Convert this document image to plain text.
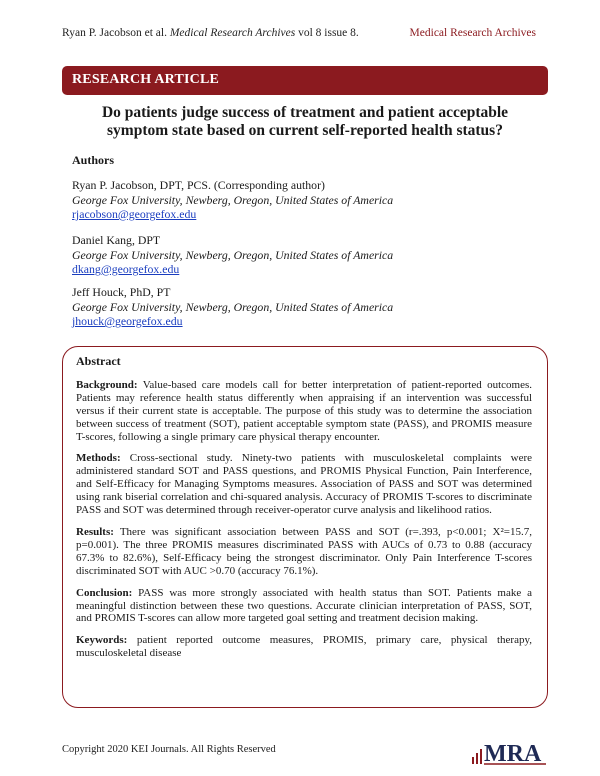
Ryan P. Jacobson et al. Medical Research Archives vol 8 issue 8.	Medical Research Archives
RESEARCH ARTICLE
Do patients judge success of treatment and patient acceptable
symptom state based on current self-reported health status?
Authors
Ryan P. Jacobson, DPT, PCS. (Corresponding author)
George Fox University, Newberg, Oregon, United States of America
rjacobson@georgefox.edu
Daniel Kang, DPT
George Fox University, Newberg, Oregon, United States of America
dkang@georgefox.edu
Jeff Houck, PhD, PT
George Fox University, Newberg, Oregon, United States of America
jhouck@georgefox.edu
Abstract

Background: Value-based care models call for better interpretation of patient-reported outcomes. Patients may reference health status differently when appraising if an intervention was successful versus if their current state is acceptable. The purpose of this study was to determine the association between success of treatment (SOT), patient acceptable symptom state (PASS), and PROMIS measure T-scores, following a single primary care physical therapy encounter.

Methods: Cross-sectional study. Ninety-two patients with musculoskeletal complaints were administered standard SOT and PASS questions, and PROMIS Physical Function, Pain Interference, and Self-Efficacy for Managing Symptoms measures. Association of PASS and SOT was determined using rank biserial correlation and chi-squared analysis. Accuracy of PROMIS T-scores to discriminate PASS and SOT was determined through receiver-operator curve analysis and likelihood ratios.

Results: There was significant association between PASS and SOT (r=.393, p<0.001; X²=15.7, p=0.001). The three PROMIS measures discriminated PASS with AUCs of 0.73 to 0.88 (accuracy 67.3% to 82.6%), Self-Efficacy being the strongest discriminator. Only Pain Interference T-scores discriminated SOT with AUC >0.70 (accuracy 76.1%).

Conclusion: PASS was more strongly associated with health status than SOT. Patients make a meaningful distinction between these two questions. Accurate clinician interpretation of PASS, SOT, and PROMIS T-scores can allow more targeted goal setting and treatment decision making.

Keywords: patient reported outcome measures, PROMIS, primary care, physical therapy, musculoskeletal disease

Copyright 2020 KEI Journals. All Rights Reserved	MRA
